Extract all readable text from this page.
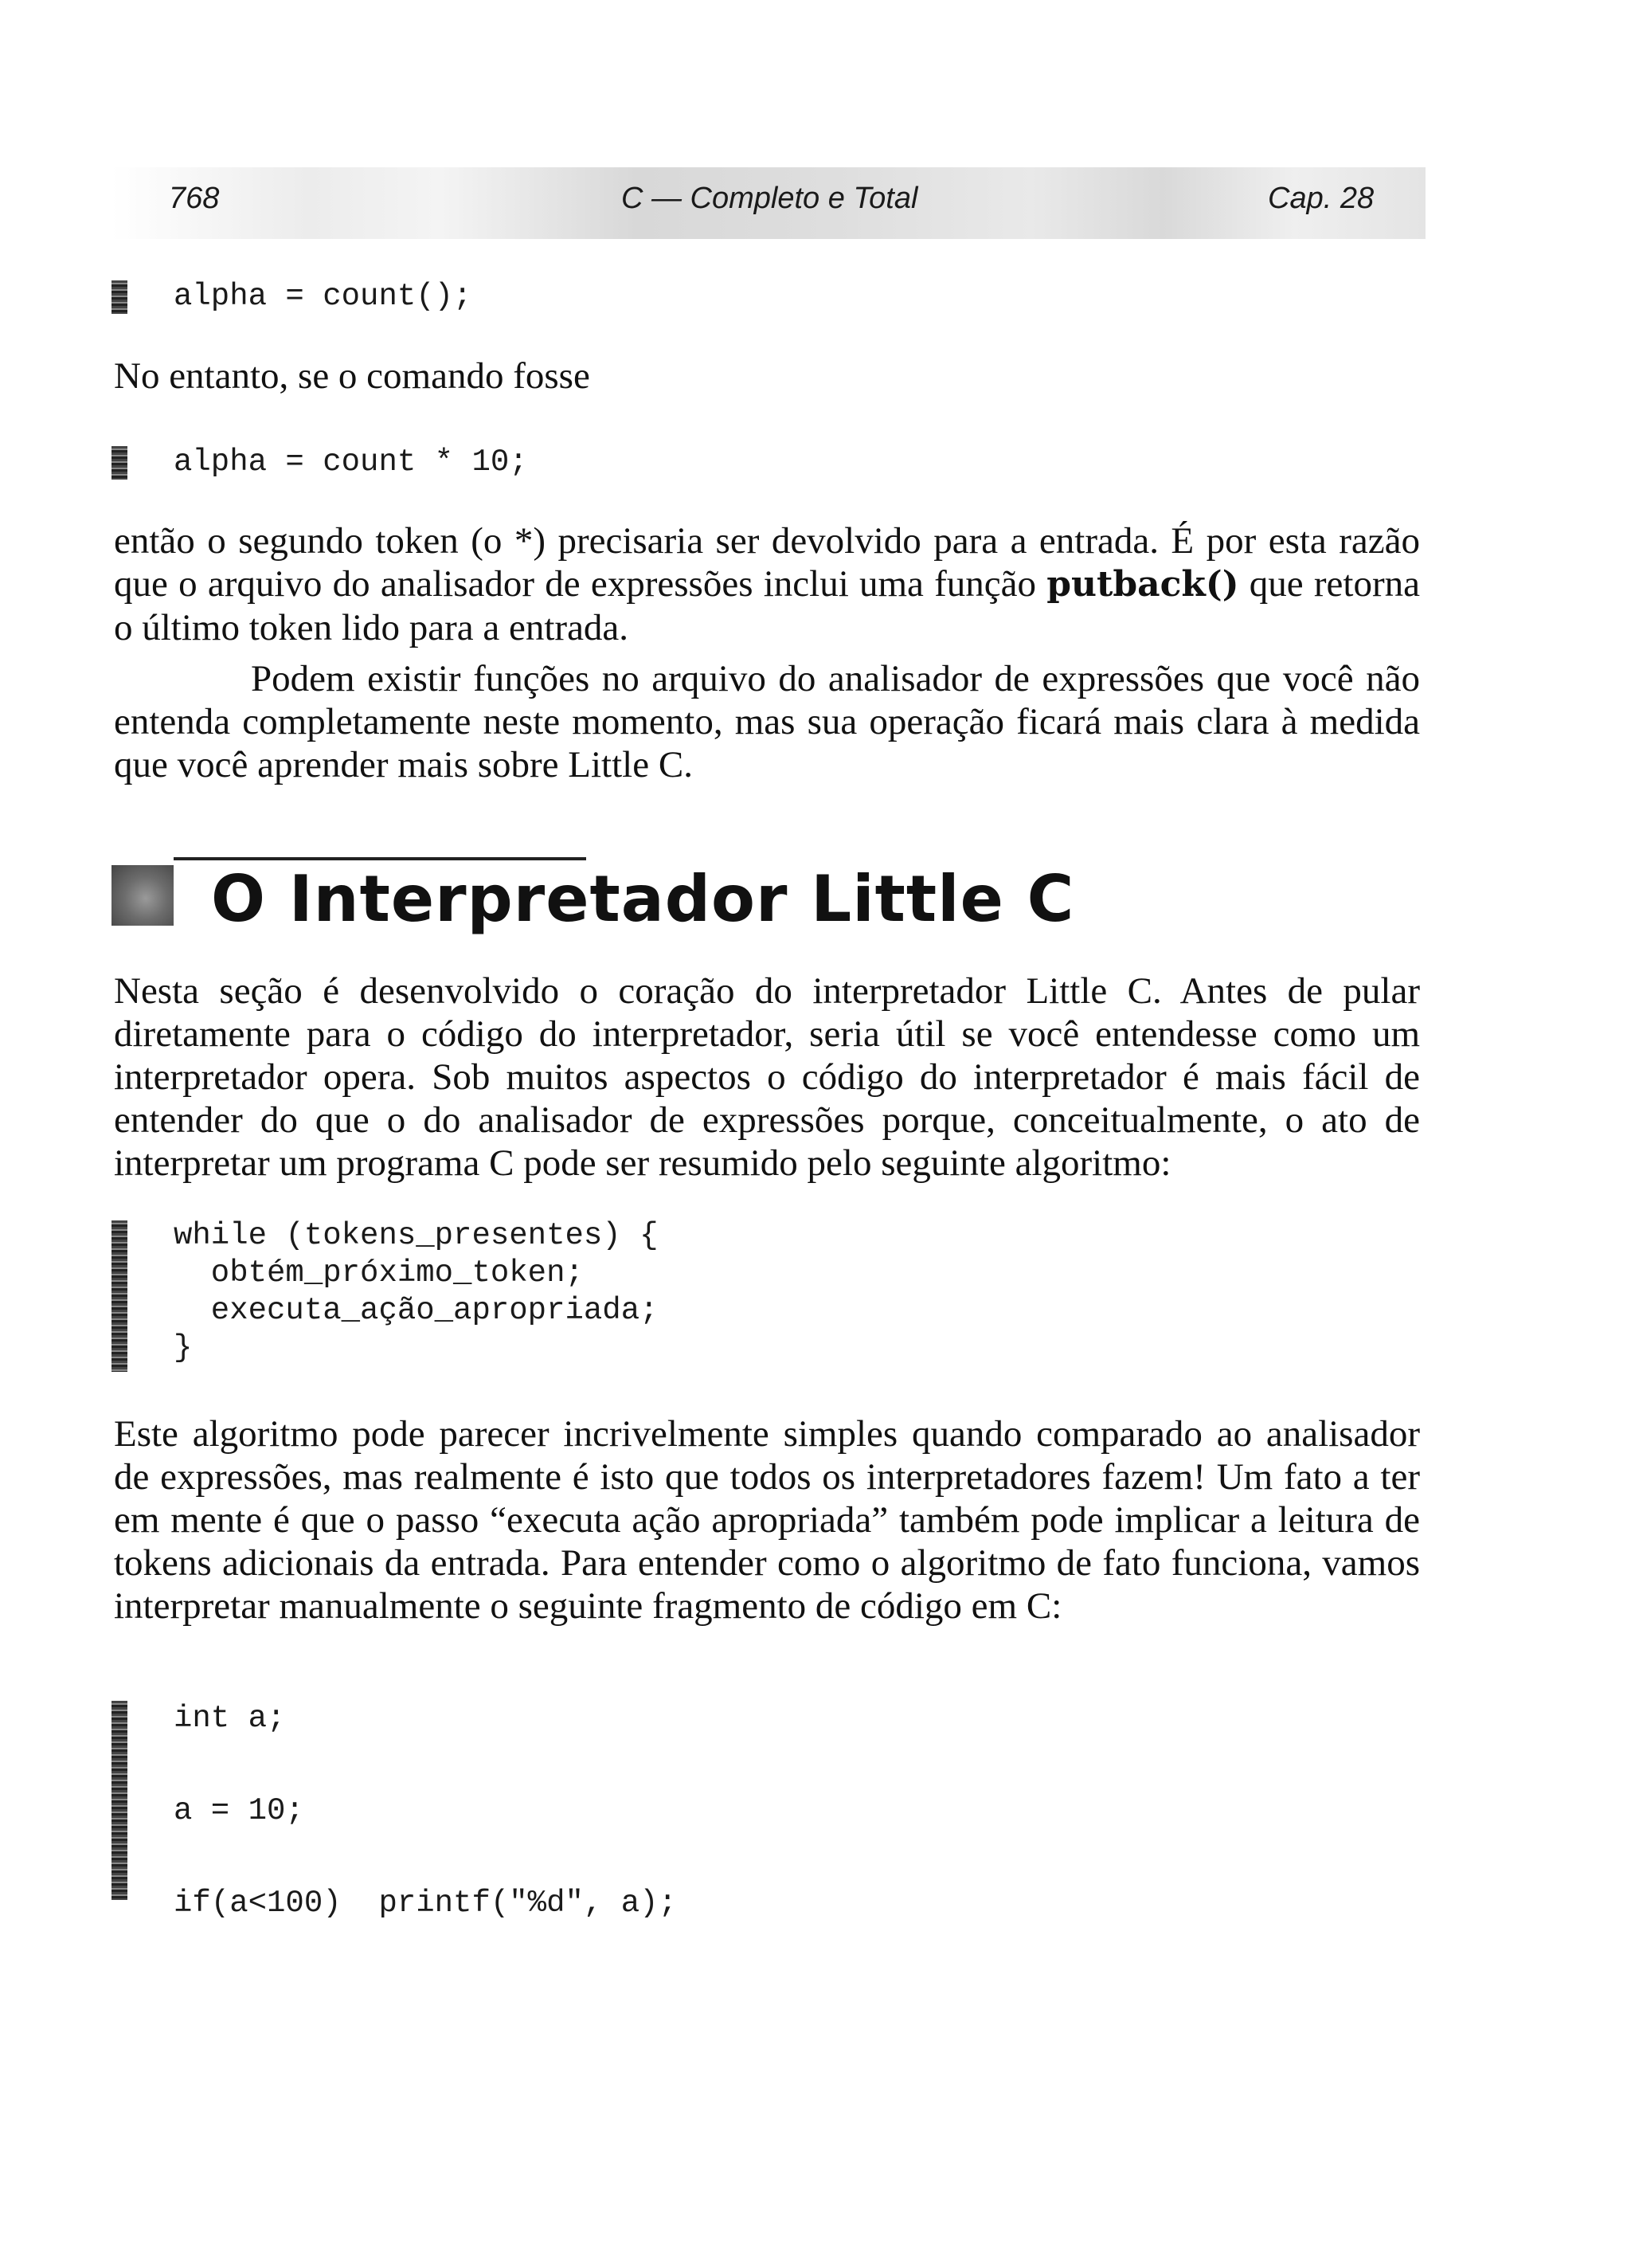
768	C — Completo e Total	Cap. 28
alpha = count();

No entanto, se o comando fosse

alpha = count * 10;

então o segundo token (o *) precisaria ser devolvido para a entrada. É por esta razão que o arquivo do analisador de expressões inclui uma função putback() que retorna o último token lido para a entrada.

Podem existir funções no arquivo do analisador de expressões que você não entenda completamente neste momento, mas sua operação ficará mais clara à medida que você aprender mais sobre Little C.

O Interpretador Little C

Nesta seção é desenvolvido o coração do interpretador Little C. Antes de pular diretamente para o código do interpretador, seria útil se você entendesse como um interpretador opera. Sob muitos aspectos o código do interpretador é mais fácil de entender do que o do analisador de expressões porque, conceitualmente, o ato de interpretar um programa C pode ser resumido pelo seguinte algoritmo:

while (tokens_presentes) {
obtém_próximo_token;
executa_ação_apropriada;
}

Este algoritmo pode parecer incrivelmente simples quando comparado ao analisador de expressões, mas realmente é isto que todos os interpretadores fazem! Um fato a ter em mente é que o passo “executa ação apropriada” também pode implicar a leitura de tokens adicionais da entrada. Para entender como o algoritmo de fato funciona, vamos interpretar manualmente o seguinte fragmento de código em C:

int a;

a = 10;

if(a<100)  printf("%d", a);
